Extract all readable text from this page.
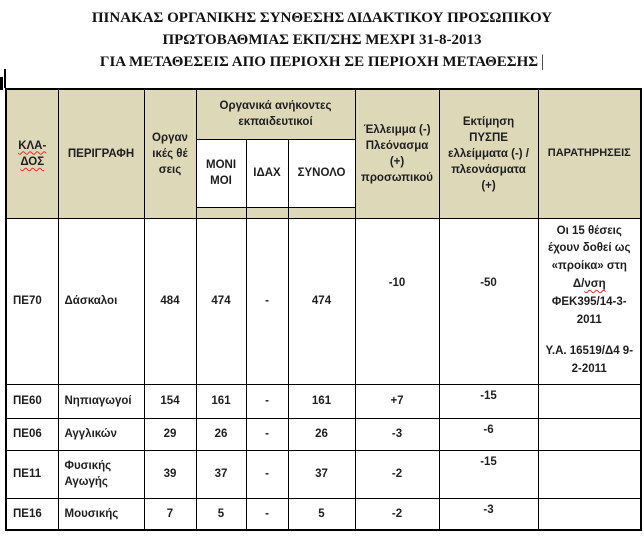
ΠΙΝΑΚΑΣ ΟΡΓΑΝΙΚΗΣ ΣΥΝΘΕΣΗΣ ΔΙΔΑΚΤΙΚΟΥ ΠΡΟΣΩΠΙΚΟΥ
ΠΡΩΤΟΒΑΘΜΙΑΣ ΕΚΠ/ΣΗΣ ΜΕΧΡΙ 31-8-2013
ΓΙΑ ΜΕΤΑΘΕΣΕΙΣ ΑΠΟ ΠΕΡΙΟΧΗ ΣΕ ΠΕΡΙΟΧΗ ΜΕΤΑΘΕΣΗΣ |
ΚΛΑ-
ΔΟΣ	ΠΕΡΙΓΡΑΦΗ	Οργανικές θέσεις	Οργανικά ανήκοντες εκπαιδευτικοί			Έλλειμμα (-) Πλεόνασμα (+) προσωπικού	Εκτίμηση ΠΥΣΠΕ ελλείμματα (-) / πλεονάσματα (+)	ΠΑΡΑΤΗΡΗΣΕΙΣ
			ΜΟΝΙΜΟΙ	ΙΔΑΧ	ΣΥΝΟΛΟ			

ΠΕ70	Δάσκαλοι	484	474	-	474	-10	-50	Οι 15 θέσεις έχουν δοθεί ως «προίκα» στη
Δ/νση
ΦΕΚ395/14-3-2011
Υ.Α. 16519/Δ4 9-2-2011

ΠΕ60	Νηπιαγωγοί	154	161	-	161	+7	-15	
ΠΕ06	Αγγλικών	29	26	-	26	-3	-6	
ΠΕ11	Φυσικής Αγωγής	39	37	-	37	-2	-15	
ΠΕ16	Μουσικής	7	5	-	5	-2	-3	
